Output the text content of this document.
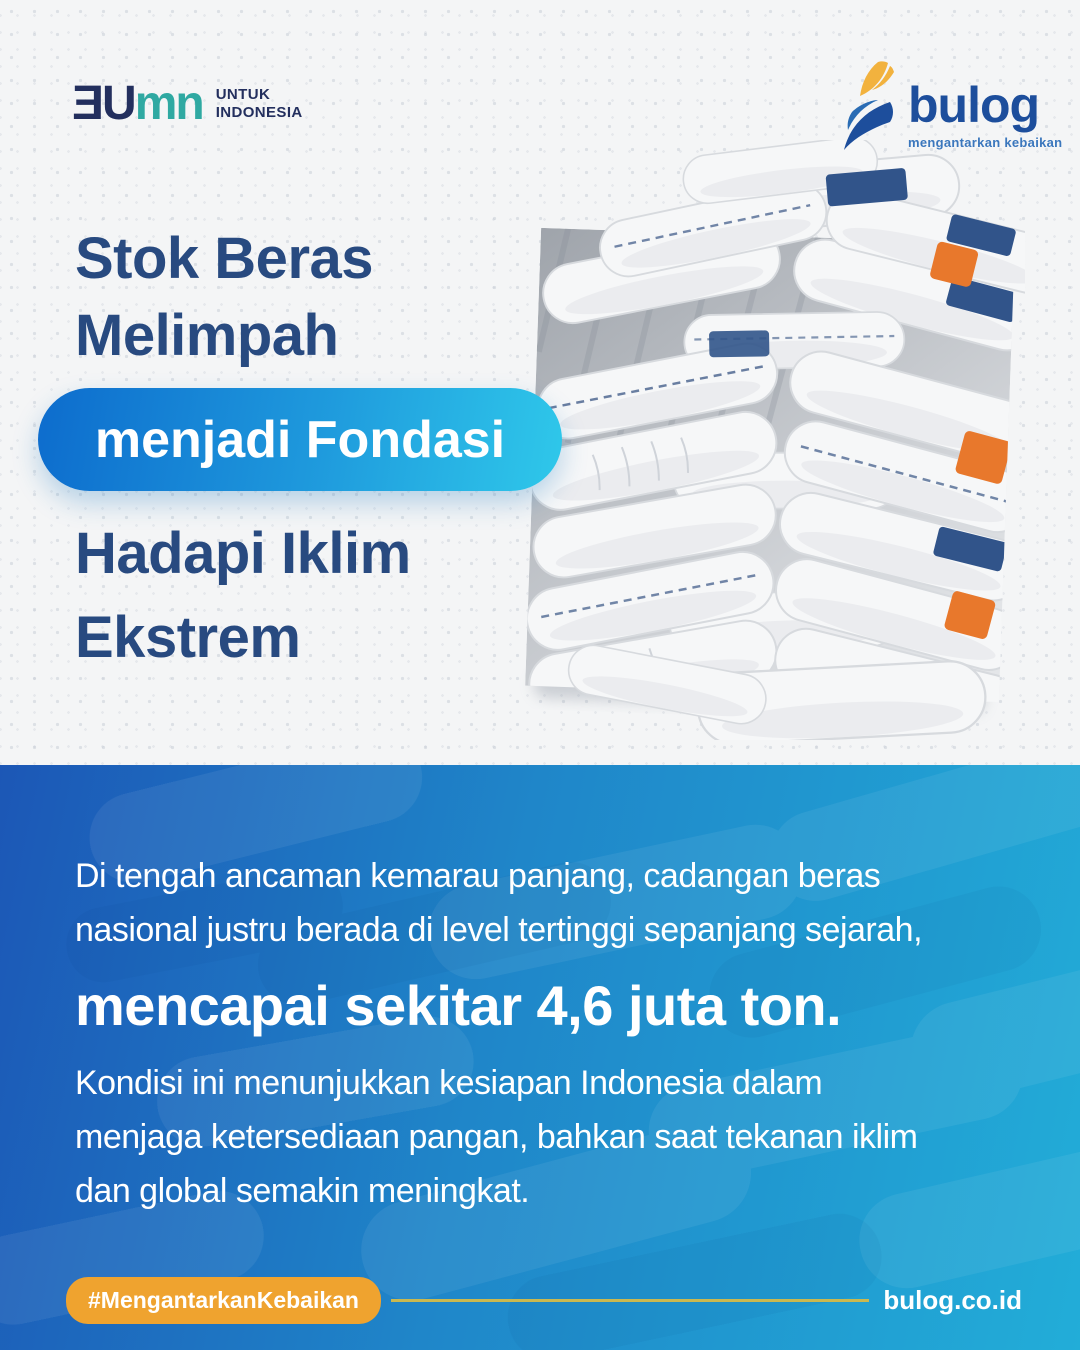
ƎUmn UNTUK
INDONESIA	bulog
mengantarkan kebaikan
Stok Beras
Melimpah
menjadi Fondasi
Hadapi Iklim
Ekstrem
Di tengah ancaman kemarau panjang, cadangan beras
nasional justru berada di level tertinggi sepanjang sejarah,
mencapai sekitar 4,6 juta ton.
Kondisi ini menunjukkan kesiapan Indonesia dalam
menjaga ketersediaan pangan, bahkan saat tekanan iklim
dan global semakin meningkat.
#MengantarkanKebaikan	bulog.co.id
